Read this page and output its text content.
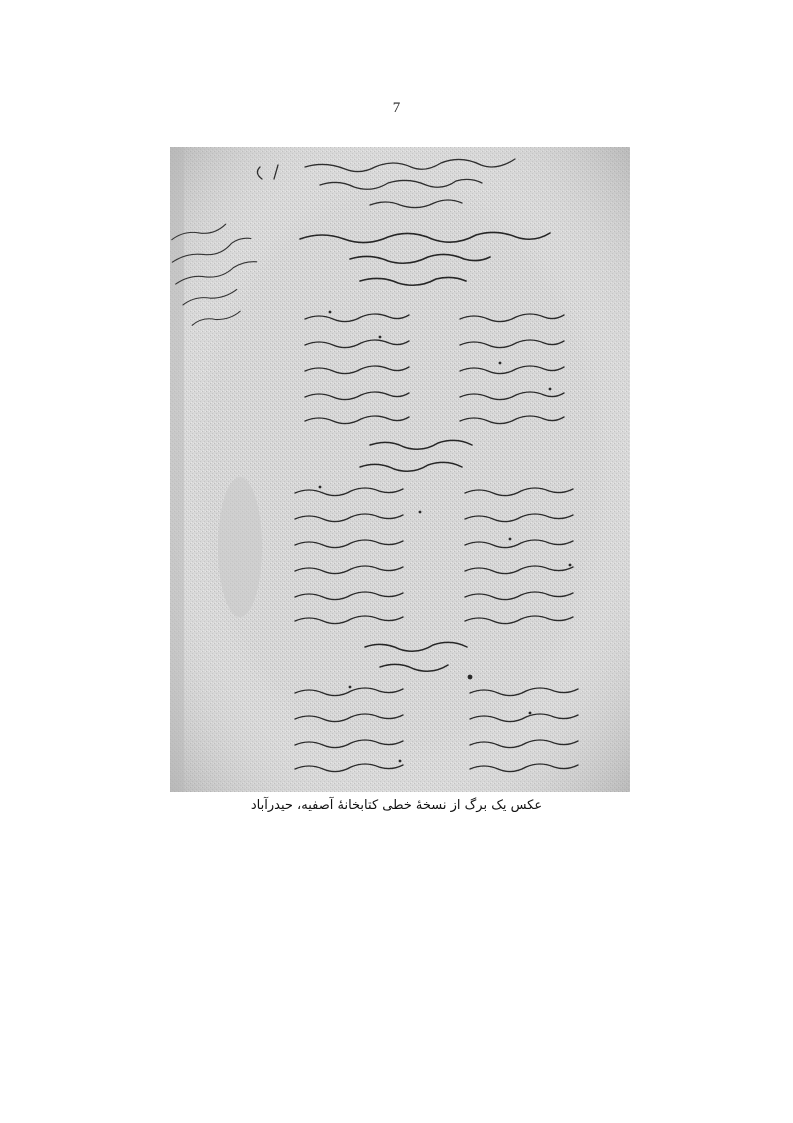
7
عکس یک برگ از نسخهٔ خطی کتابخانهٔ آصفیه، حیدرآباد
